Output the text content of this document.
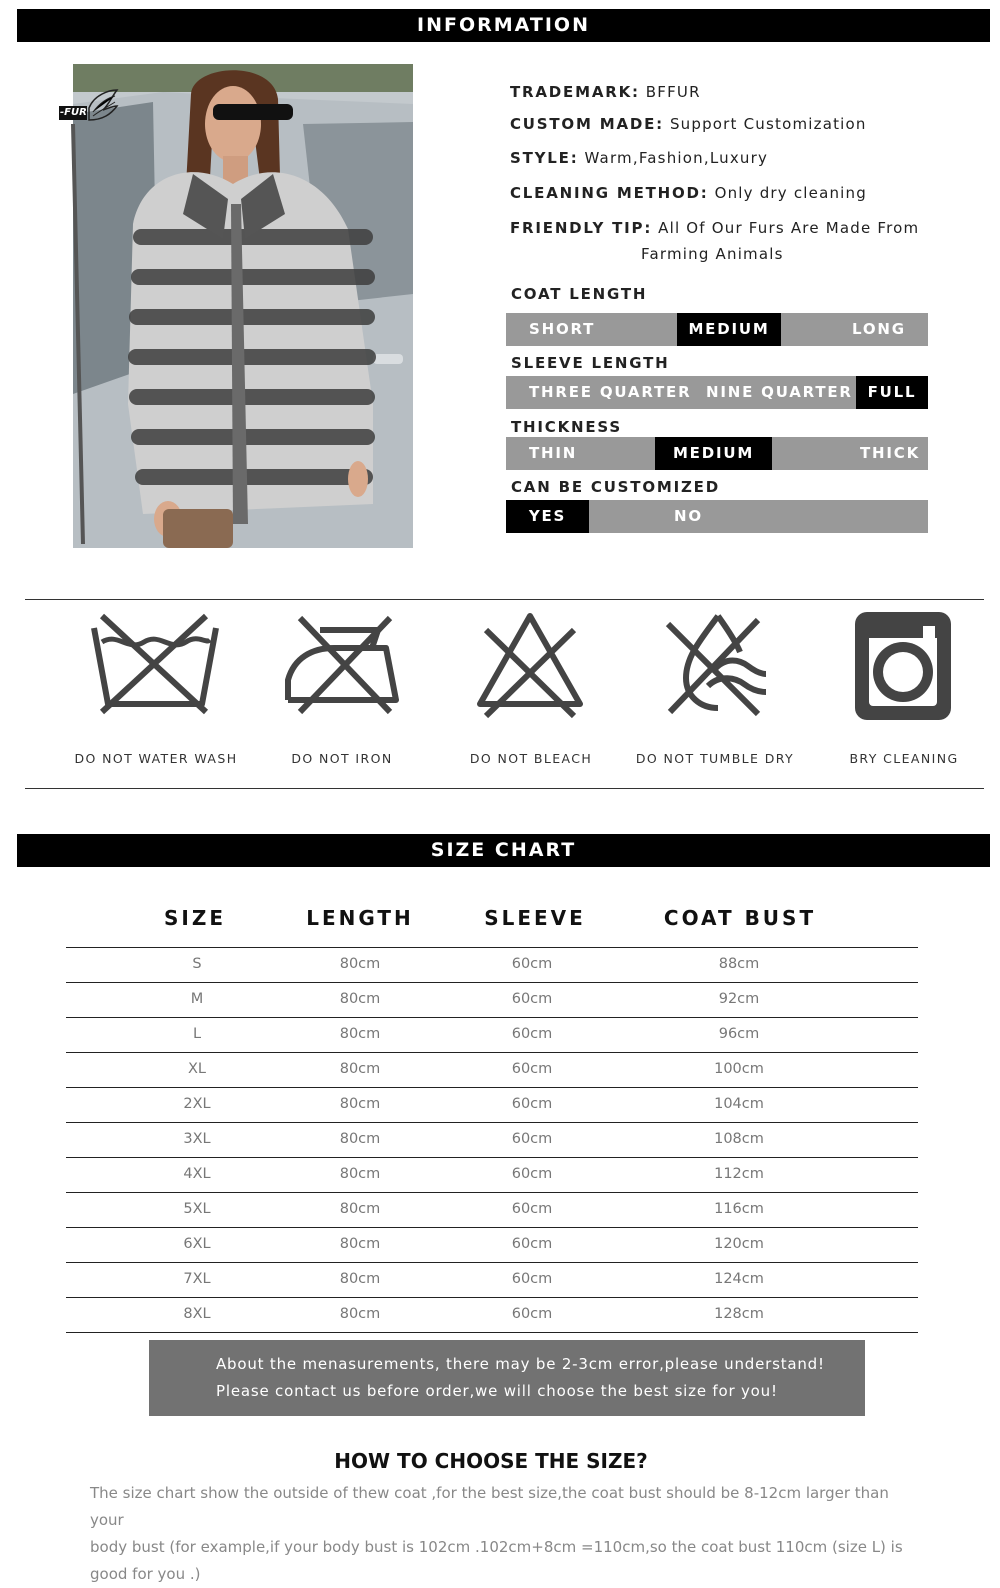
INFORMATION
-FUR
TRADEMARK: BFFUR
CUSTOM MADE: Support Customization
STYLE: Warm,Fashion,Luxury
CLEANING METHOD: Only dry cleaning
FRIENDLY TIP: All Of Our Furs Are Made From
Farming Animals
COAT LENGTH
SHORT	MEDIUM	LONG
SLEEVE LENGTH
THREE QUARTER NINE QUARTER FULL
THICKNESS
THIN	MEDIUM	THICK
CAN BE CUSTOMIZED
YES	NO
DO NOT WATER WASH	DO NOT IRON	DO NOT BLEACH	DO NOT TUMBLE DRY	BRY CLEANING
SIZE CHART
SIZE	LENGTH	SLEEVE	COAT BUST
S	80cm	60cm	88cm
M	80cm	60cm	92cm
L	80cm	60cm	96cm
XL	80cm	60cm	100cm
2XL	80cm	60cm	104cm
3XL	80cm	60cm	108cm
4XL	80cm	60cm	112cm
5XL	80cm	60cm	116cm
6XL	80cm	60cm	120cm
7XL	80cm	60cm	124cm
8XL	80cm	60cm	128cm
About the menasurements, there may be 2-3cm error,please understand!
Please contact us before order,we will choose the best size for you!
HOW TO CHOOSE THE SIZE?
The size chart show the outside of thew coat ,for the best size,the coat bust should be 8-12cm larger than your
body bust (for example,if your body bust is 102cm .102cm+8cm =110cm,so the coat bust 110cm (size L) is
good for you .)
